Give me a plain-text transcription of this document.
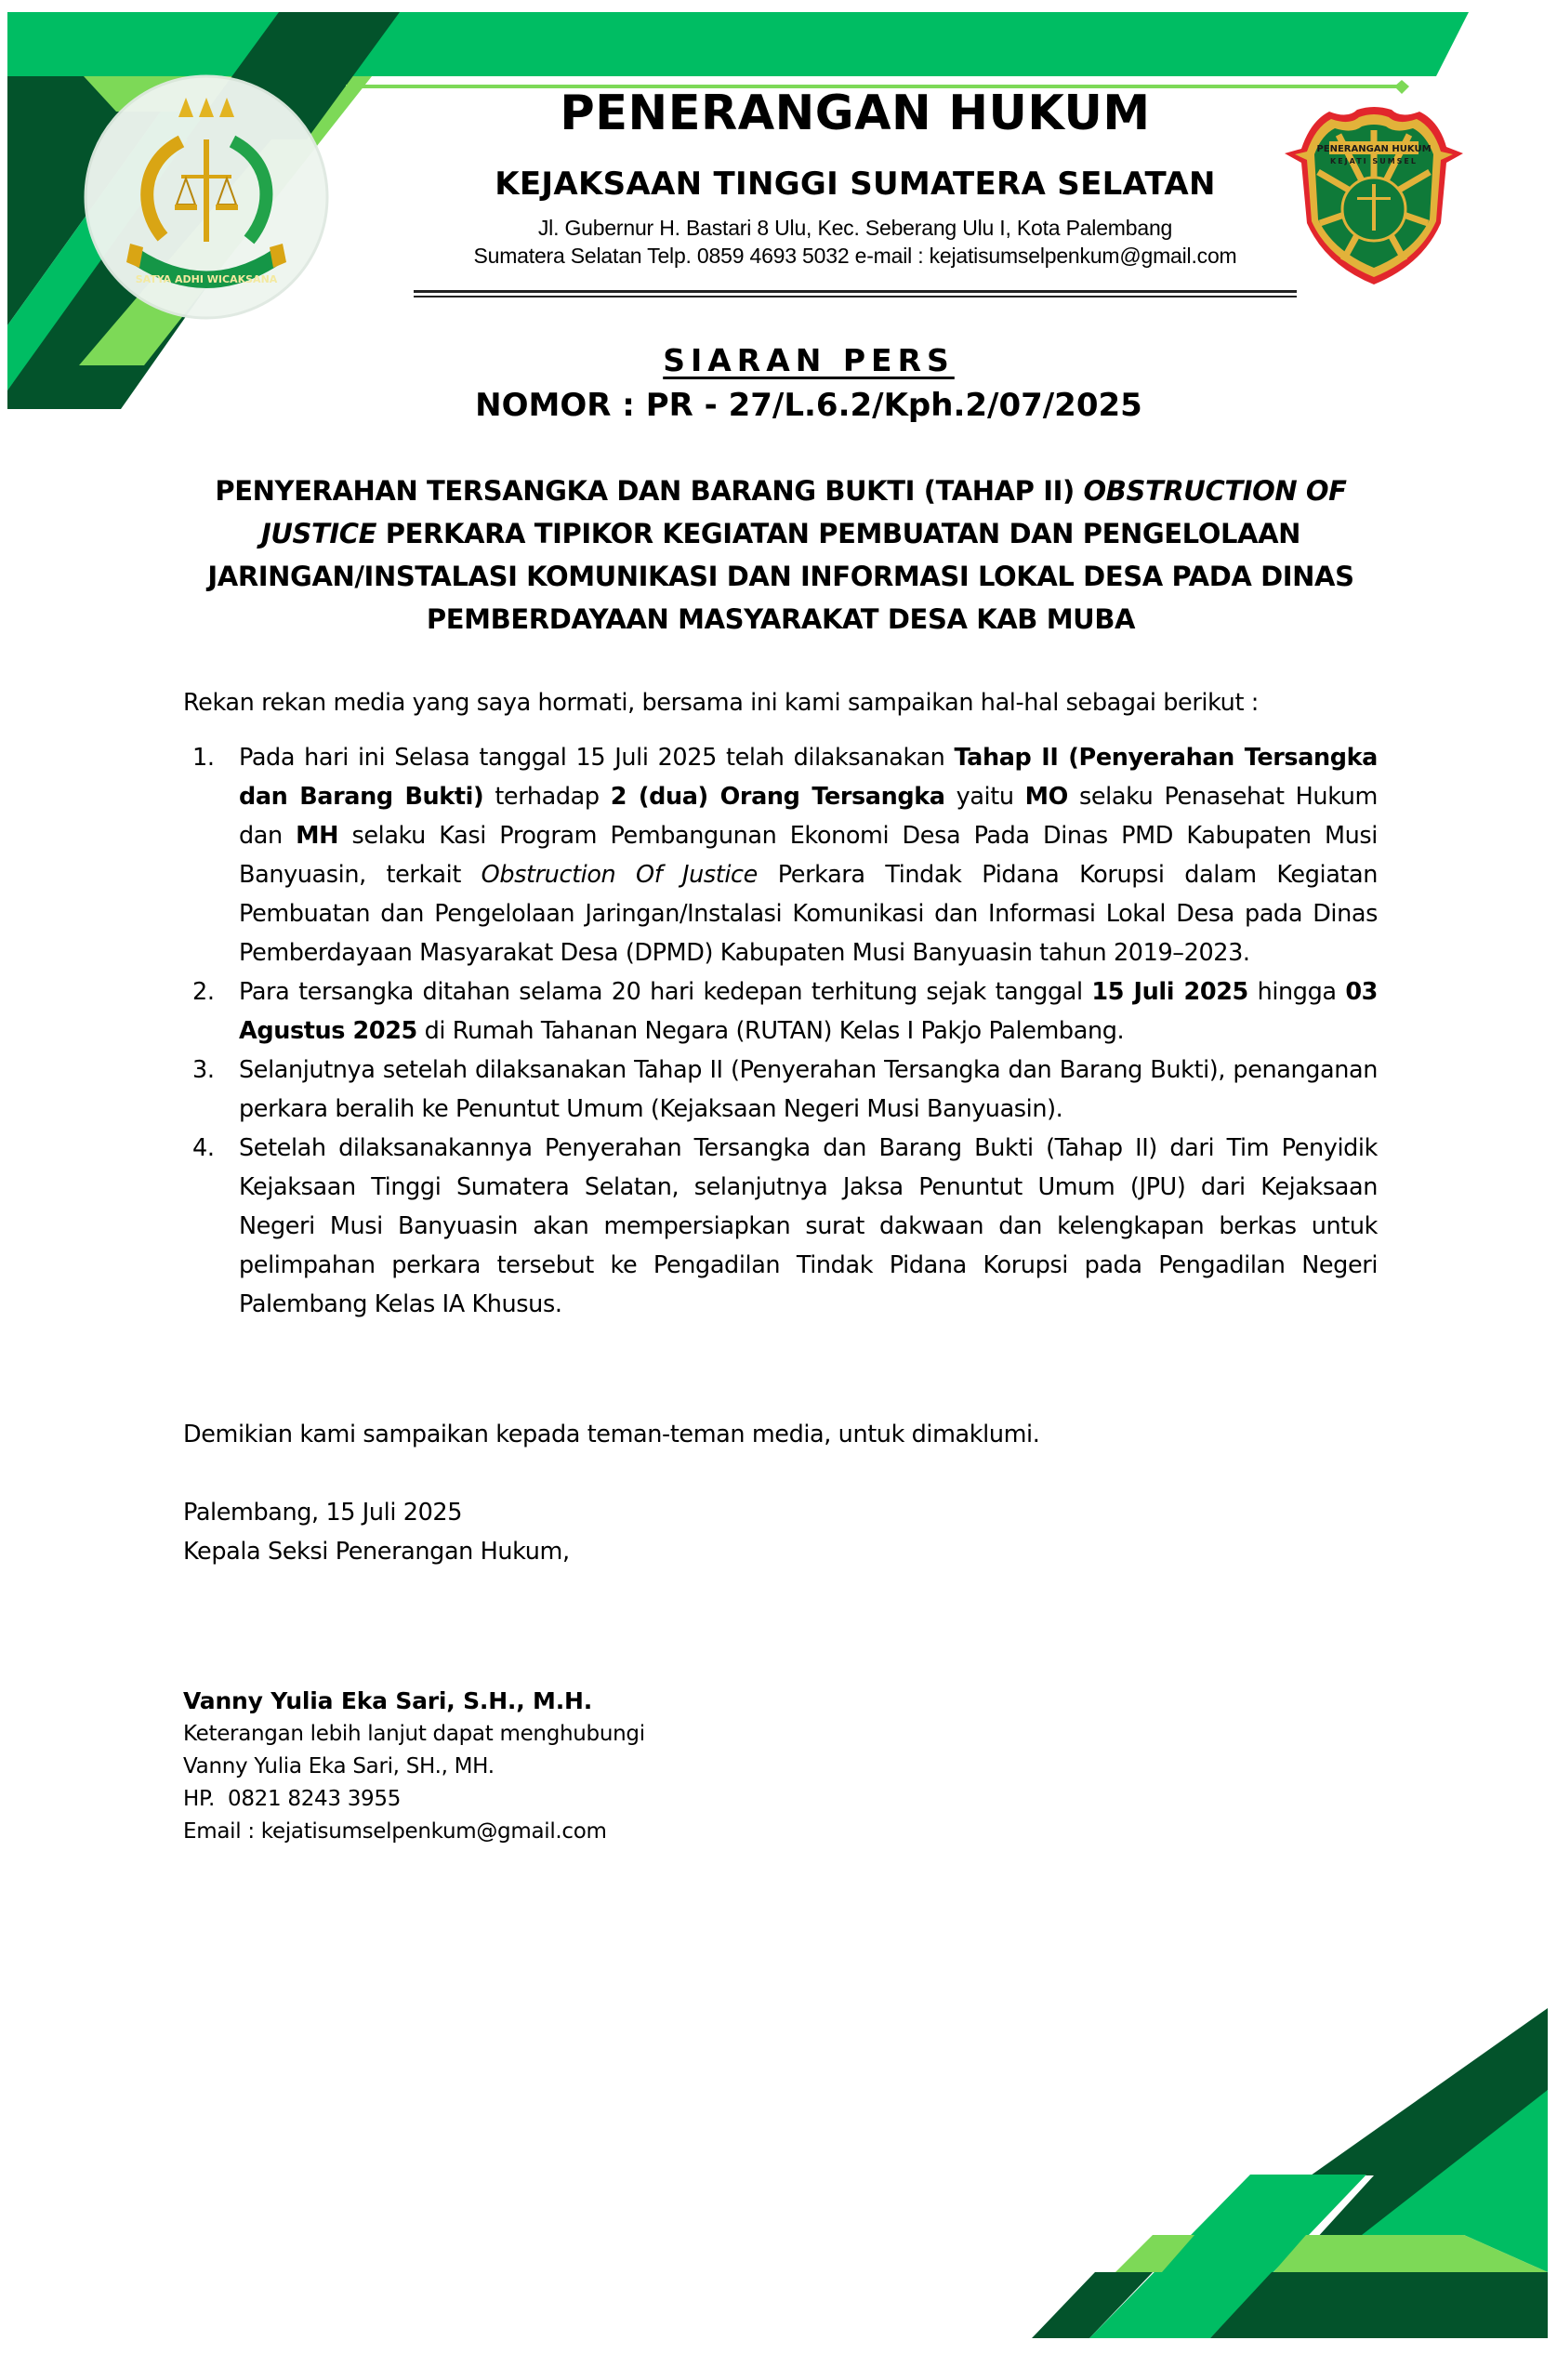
SATYA ADHI WICAKSANA
PENERANGAN HUKUM
KEJATI SUMSEL
PENERANGAN HUKUM
KEJAKSAAN TINGGI SUMATERA SELATAN
Jl. Gubernur H. Bastari 8 Ulu, Kec. Seberang Ulu I, Kota Palembang
Sumatera Selatan Telp. 0859 4693 5032 e-mail : kejatisumselpenkum@gmail.com
SIARAN PERS
NOMOR : PR - 27/L.6.2/Kph.2/07/2025
PENYERAHAN TERSANGKA DAN BARANG BUKTI (TAHAP II) OBSTRUCTION OF JUSTICE PERKARA TIPIKOR KEGIATAN PEMBUATAN DAN PENGELOLAAN JARINGAN/INSTALASI KOMUNIKASI DAN INFORMASI LOKAL DESA PADA DINAS PEMBERDAYAAN MASYARAKAT DESA KAB MUBA
Rekan rekan media yang saya hormati, bersama ini kami sampaikan hal-hal sebagai berikut :
1. Pada hari ini Selasa tanggal 15 Juli 2025 telah dilaksanakan Tahap II (Penyerahan Tersangka dan Barang Bukti) terhadap 2 (dua) Orang Tersangka yaitu MO selaku Penasehat Hukum dan MH selaku Kasi Program Pembangunan Ekonomi Desa Pada Dinas PMD Kabupaten Musi Banyuasin, terkait Obstruction Of Justice Perkara Tindak Pidana Korupsi dalam Kegiatan Pembuatan dan Pengelolaan Jaringan/Instalasi Komunikasi dan Informasi Lokal Desa pada Dinas Pemberdayaan Masyarakat Desa (DPMD) Kabupaten Musi Banyuasin tahun 2019–2023.
2. Para tersangka ditahan selama 20 hari kedepan terhitung sejak tanggal 15 Juli 2025 hingga 03 Agustus 2025 di Rumah Tahanan Negara (RUTAN) Kelas I Pakjo Palembang.
3. Selanjutnya setelah dilaksanakan Tahap II (Penyerahan Tersangka dan Barang Bukti), penanganan perkara beralih ke Penuntut Umum (Kejaksaan Negeri Musi Banyuasin).
4. Setelah dilaksanakannya Penyerahan Tersangka dan Barang Bukti (Tahap II) dari Tim Penyidik Kejaksaan Tinggi Sumatera Selatan, selanjutnya Jaksa Penuntut Umum (JPU) dari Kejaksaan Negeri Musi Banyuasin akan mempersiapkan surat dakwaan dan kelengkapan berkas untuk pelimpahan perkara tersebut ke Pengadilan Tindak Pidana Korupsi pada Pengadilan Negeri Palembang Kelas IA Khusus.
Demikian kami sampaikan kepada teman-teman media, untuk dimaklumi.
Palembang, 15 Juli 2025
Kepala Seksi Penerangan Hukum,
Vanny Yulia Eka Sari, S.H., M.H.
Keterangan lebih lanjut dapat menghubungi
Vanny Yulia Eka Sari, SH., MH.
HP.  0821 8243 3955
Email : kejatisumselpenkum@gmail.com
